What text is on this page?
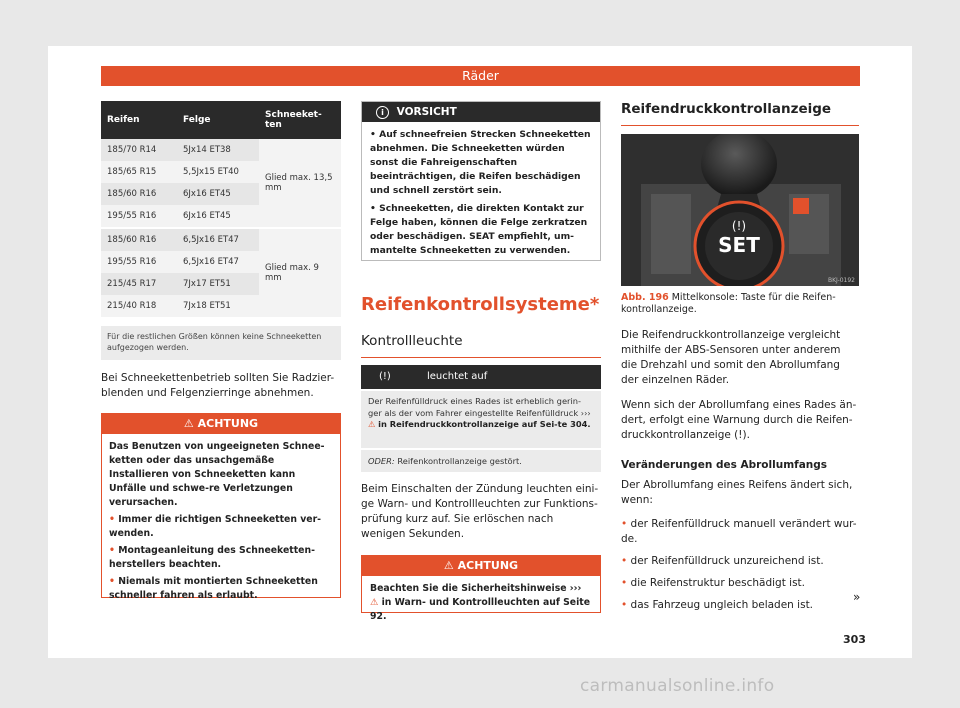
Räder
Reifen	Felge	Schneeket-ten
185/70 R14	5Jx14 ET38	Glied max. 13,5 mm
185/65 R15	5,5Jx15 ET40	
185/60 R16	6Jx16 ET45	
195/55 R16	6Jx16 ET45	
185/60 R16	6,5Jx16 ET47	Glied max. 9 mm
195/55 R16	6,5Jx16 ET47	
215/45 R17	7Jx17 ET51	
215/40 R18	7Jx18 ET51	
Für die restlichen Größen können keine Schneeketten aufgezogen werden.
Bei Schneekettenbetrieb sollten Sie Radzier-blenden und Felgenzierringe abnehmen.
⚠ ACHTUNG
Das Benutzen von ungeeigneten Schnee-ketten oder das unsachgemäße Installieren von Schneeketten kann Unfälle und schwe-re Verletzungen verursachen.
• Immer die richtigen Schneeketten ver-wenden.
• Montageanleitung des Schneeketten-herstellers beachten.
• Niemals mit montierten Schneeketten schneller fahren als erlaubt.
i VORSICHT
• Auf schneefreien Strecken Schneeketten abnehmen. Die Schneeketten würden sonst die Fahreigenschaften beeinträchtigen, die Reifen beschädigen und schnell zerstört sein.
• Schneeketten, die direkten Kontakt zur Felge haben, können die Felge zerkratzen oder beschädigen. SEAT empfiehlt, um-mantelte Schneeketten zu verwenden.
Reifenkontrollsysteme*
Kontrollleuchte
(!)	leuchtet auf
Der Reifenfülldruck eines Rades ist erheblich gerin-ger als der vom Fahrer eingestellte Reifenfülldruck ››› ⚠ in Reifendruckkontrollanzeige auf Sei-te 304.
ODER: Reifenkontrollanzeige gestört.
Beim Einschalten der Zündung leuchten eini-ge Warn- und Kontrollleuchten zur Funktions-prüfung kurz auf. Sie erlöschen nach wenigen Sekunden.
⚠ ACHTUNG
Beachten Sie die Sicherheitshinweise ››› ⚠ in Warn- und Kontrollleuchten auf Seite 92.
Reifendruckkontrollanzeige
SET
(!)
BKJ-0192
Abb. 196 Mittelkonsole: Taste für die Reifen-kontrollanzeige.
Die Reifendruckkontrollanzeige vergleicht mithilfe der ABS-Sensoren unter anderem die Drehzahl und somit den Abrollumfang der einzelnen Räder.
Wenn sich der Abrollumfang eines Rades än-dert, erfolgt eine Warnung durch die Reifen-druckkontrollanzeige (!).
Veränderungen des Abrollumfangs
Der Abrollumfang eines Reifens ändert sich, wenn:
• der Reifenfülldruck manuell verändert wur-de.
• der Reifenfülldruck unzureichend ist.
• die Reifenstruktur beschädigt ist.
• das Fahrzeug ungleich beladen ist.
»
303
carmanualsonline.info
